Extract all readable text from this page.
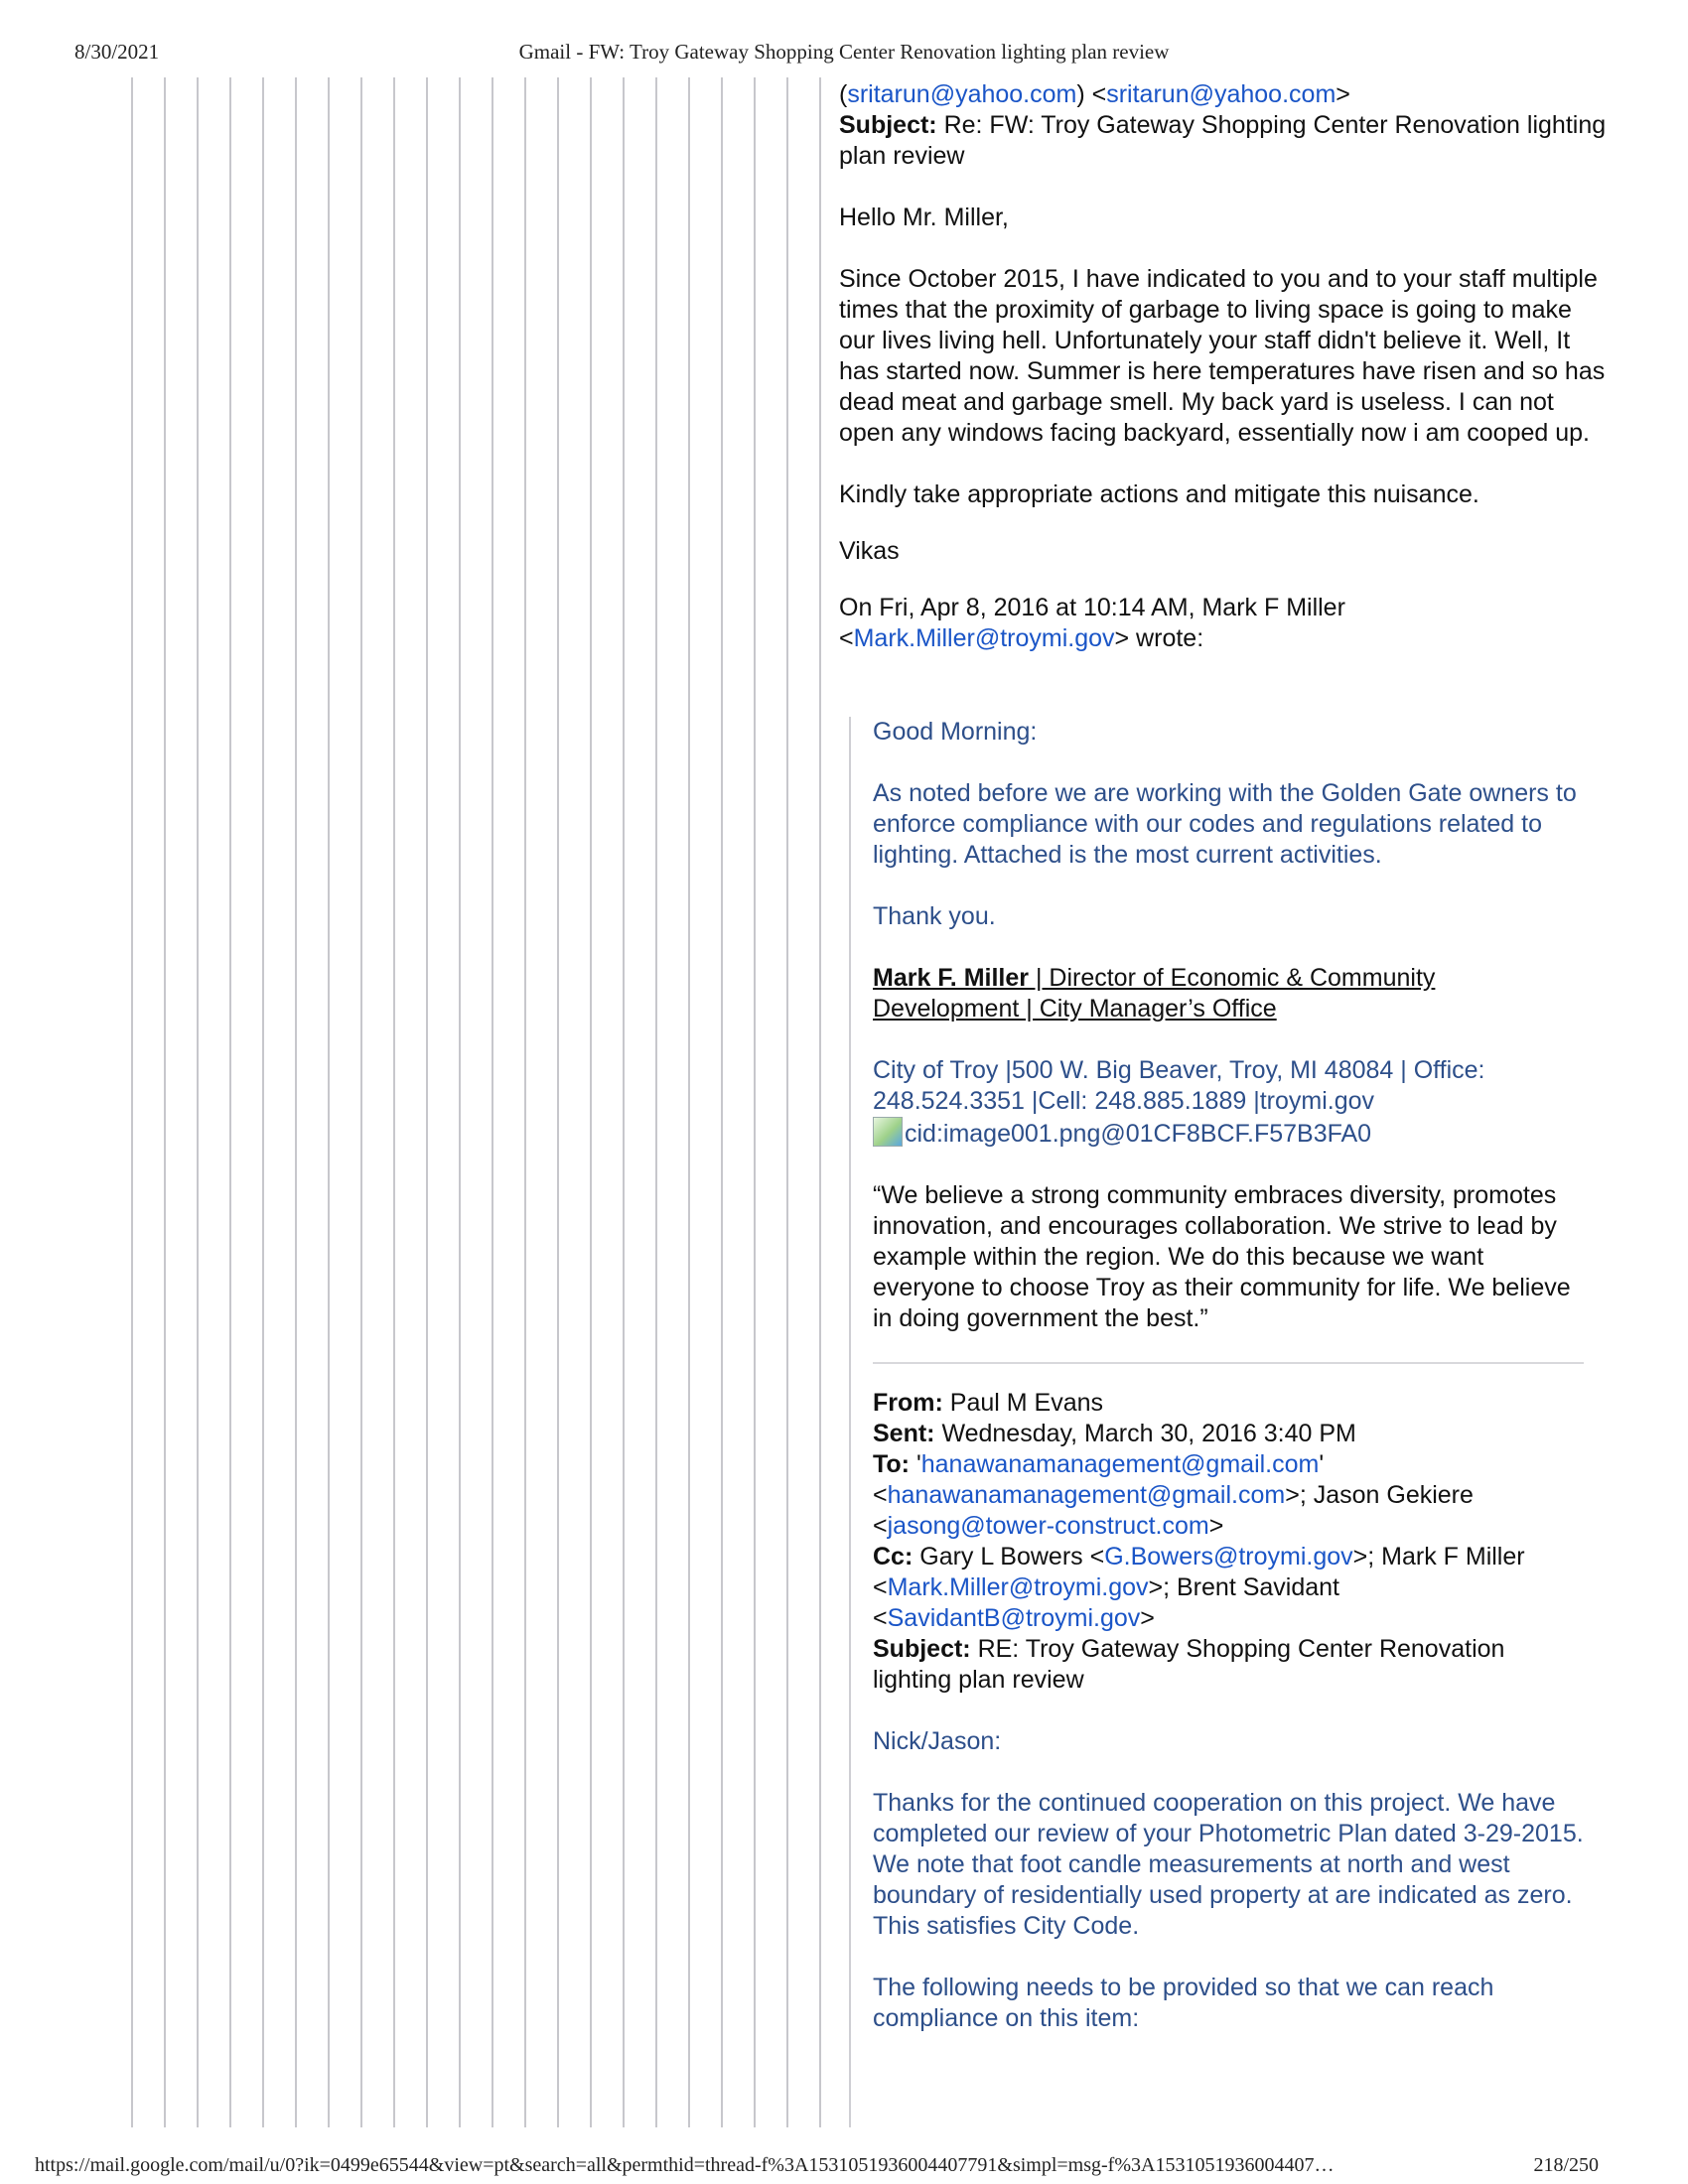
8/30/2021	Gmail - FW: Troy Gateway Shopping Center Renovation lighting plan review

(sritarun@yahoo.com) <sritarun@yahoo.com>

Subject: Re: FW: Troy Gateway Shopping Center Renovation lighting plan review

Hello Mr. Miller,

Since October 2015, I have indicated to you and to your staff multiple times that the proximity of garbage to living space is going to make our lives living hell. Unfortunately your staff didn't believe it. Well, It has started now. Summer is here temperatures have risen and so has dead meat and garbage smell. My back yard is useless. I can not open any windows facing backyard, essentially now i am cooped up.

Kindly take appropriate actions and mitigate this nuisance.

Vikas

On Fri, Apr 8, 2016 at 10:14 AM, Mark F Miller
<Mark.Miller@troymi.gov> wrote:

Good Morning:

As noted before we are working with the Golden Gate owners to enforce compliance with our codes and regulations related to lighting. Attached is the most current activities.

Thank you.

Mark F. Miller | Director of Economic & Community Development | City Manager’s Office

City of Troy |500 W. Big Beaver, Troy, MI 48084 | Office: 248.524.3351 |Cell: 248.885.1889 |troymi.gov

cid:image001.png@01CF8BCF.F57B3FA0

“We believe a strong community embraces diversity, promotes innovation, and encourages collaboration. We strive to lead by example within the region. We do this because we want everyone to choose Troy as their community for life. We believe in doing government the best.”

From: Paul M Evans

Sent: Wednesday, March 30, 2016 3:40 PM

To: 'hanawanamanagement@gmail.com'
<hanawanamanagement@gmail.com>; Jason Gekiere
<jasong@tower-construct.com>

Cc: Gary L Bowers <G.Bowers@troymi.gov>; Mark F Miller <Mark.Miller@troymi.gov>; Brent Savidant
<SavidantB@troymi.gov>

Subject: RE: Troy Gateway Shopping Center Renovation lighting plan review

Nick/Jason:

Thanks for the continued cooperation on this project. We have completed our review of your Photometric Plan dated 3-29-2015. We note that foot candle measurements at north and west boundary of residentially used property at are indicated as zero. This satisfies City Code.

The following needs to be provided so that we can reach compliance on this item:

https://mail.google.com/mail/u/0?ik=0499e65544&view=pt&search=all&permthid=thread-f%3A1531051936004407791&simpl=msg-f%3A1531051936004407…	218/250
